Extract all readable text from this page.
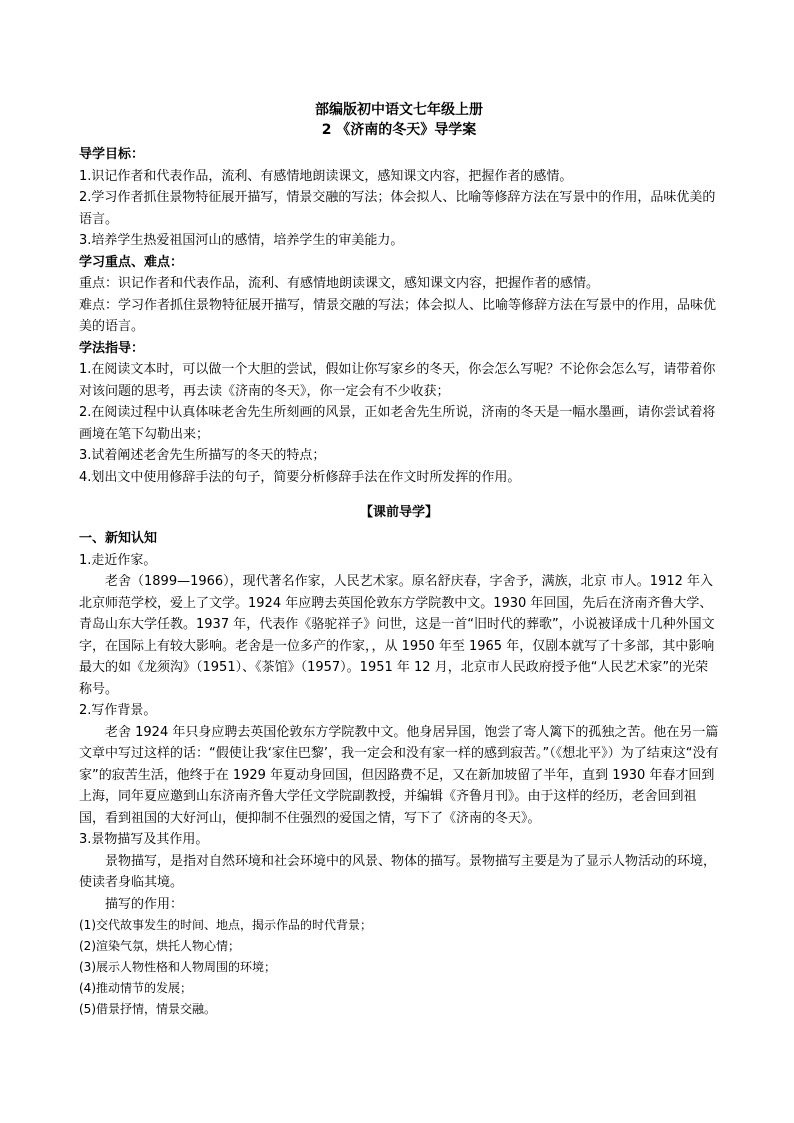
部编版初中语文七年级上册
2 《济南的冬天》导学案

导学目标：

1.识记作者和代表作品，流利、有感情地朗读课文，感知课文内容，把握作者的感情。

2.学习作者抓住景物特征展开描写，情景交融的写法；体会拟人、比喻等修辞方法在写景中的作用，品味优美的语言。

3.培养学生热爱祖国河山的感情，培养学生的审美能力。

学习重点、难点：

重点：识记作者和代表作品，流利、有感情地朗读课文，感知课文内容，把握作者的感情。

难点：学习作者抓住景物特征展开描写，情景交融的写法；体会拟人、比喻等修辞方法在写景中的作用，品味优美的语言。

学法指导：

1.在阅读文本时，可以做一个大胆的尝试，假如让你写家乡的冬天，你会怎么写呢？不论你会怎么写，请带着你对该问题的思考，再去读《济南的冬天》，你一定会有不少收获；

2.在阅读过程中认真体味老舍先生所刻画的风景，正如老舍先生所说，济南的冬天是一幅水墨画，请你尝试着将画境在笔下勾勒出来；

3.试着阐述老舍先生所描写的冬天的特点；

4.划出文中使用修辞手法的句子，简要分析修辞手法在作文时所发挥的作用。

【课前导学】

一、新知认知

1.走近作家。

老舍（1899—1966），现代著名作家，人民艺术家。原名舒庆春，字舍予，满族，北京 市人。1912 年入北京师范学校，爱上了文学。1924 年应聘去英国伦敦东方学院教中文。1930 年回国，先后在济南齐鲁大学、青岛山东大学任教。1937 年，代表作《骆驼祥子》问世，这是一首“旧时代的葬歌”，小说被译成十几种外国文字，在国际上有较大影响。老舍是一位多产的作家，，从 1950 年至 1965 年，仅剧本就写了十多部，其中影响最大的如《龙须沟》（1951）、《茶馆》（1957）。1951 年 12 月，北京市人民政府授予他“人民艺术家”的光荣称号。

2.写作背景。

老舍 1924 年只身应聘去英国伦敦东方学院教中文。他身居异国，饱尝了寄人篱下的孤独之苦。他在另一篇文章中写过这样的话：“假使让我‘家住巴黎’，我一定会和没有家一样的感到寂苦。”（《想北平》）为了结束这“没有家”的寂苦生活，他终于在 1929 年夏动身回国，但因路费不足，又在新加坡留了半年，直到 1930 年春才回到上海，同年夏应邀到山东济南齐鲁大学任文学院副教授，并编辑《齐鲁月刊》。由于这样的经历，老舍回到祖国，看到祖国的大好河山，便抑制不住强烈的爱国之情，写下了《济南的冬天》。

3.景物描写及其作用。

景物描写，是指对自然环境和社会环境中的风景、物体的描写。景物描写主要是为了显示人物活动的环境，使读者身临其境。

描写的作用：

(1)交代故事发生的时间、地点，揭示作品的时代背景；

(2)渲染气氛，烘托人物心情；

(3)展示人物性格和人物周围的环境；

(4)推动情节的发展；

(5)借景抒情，情景交融。
